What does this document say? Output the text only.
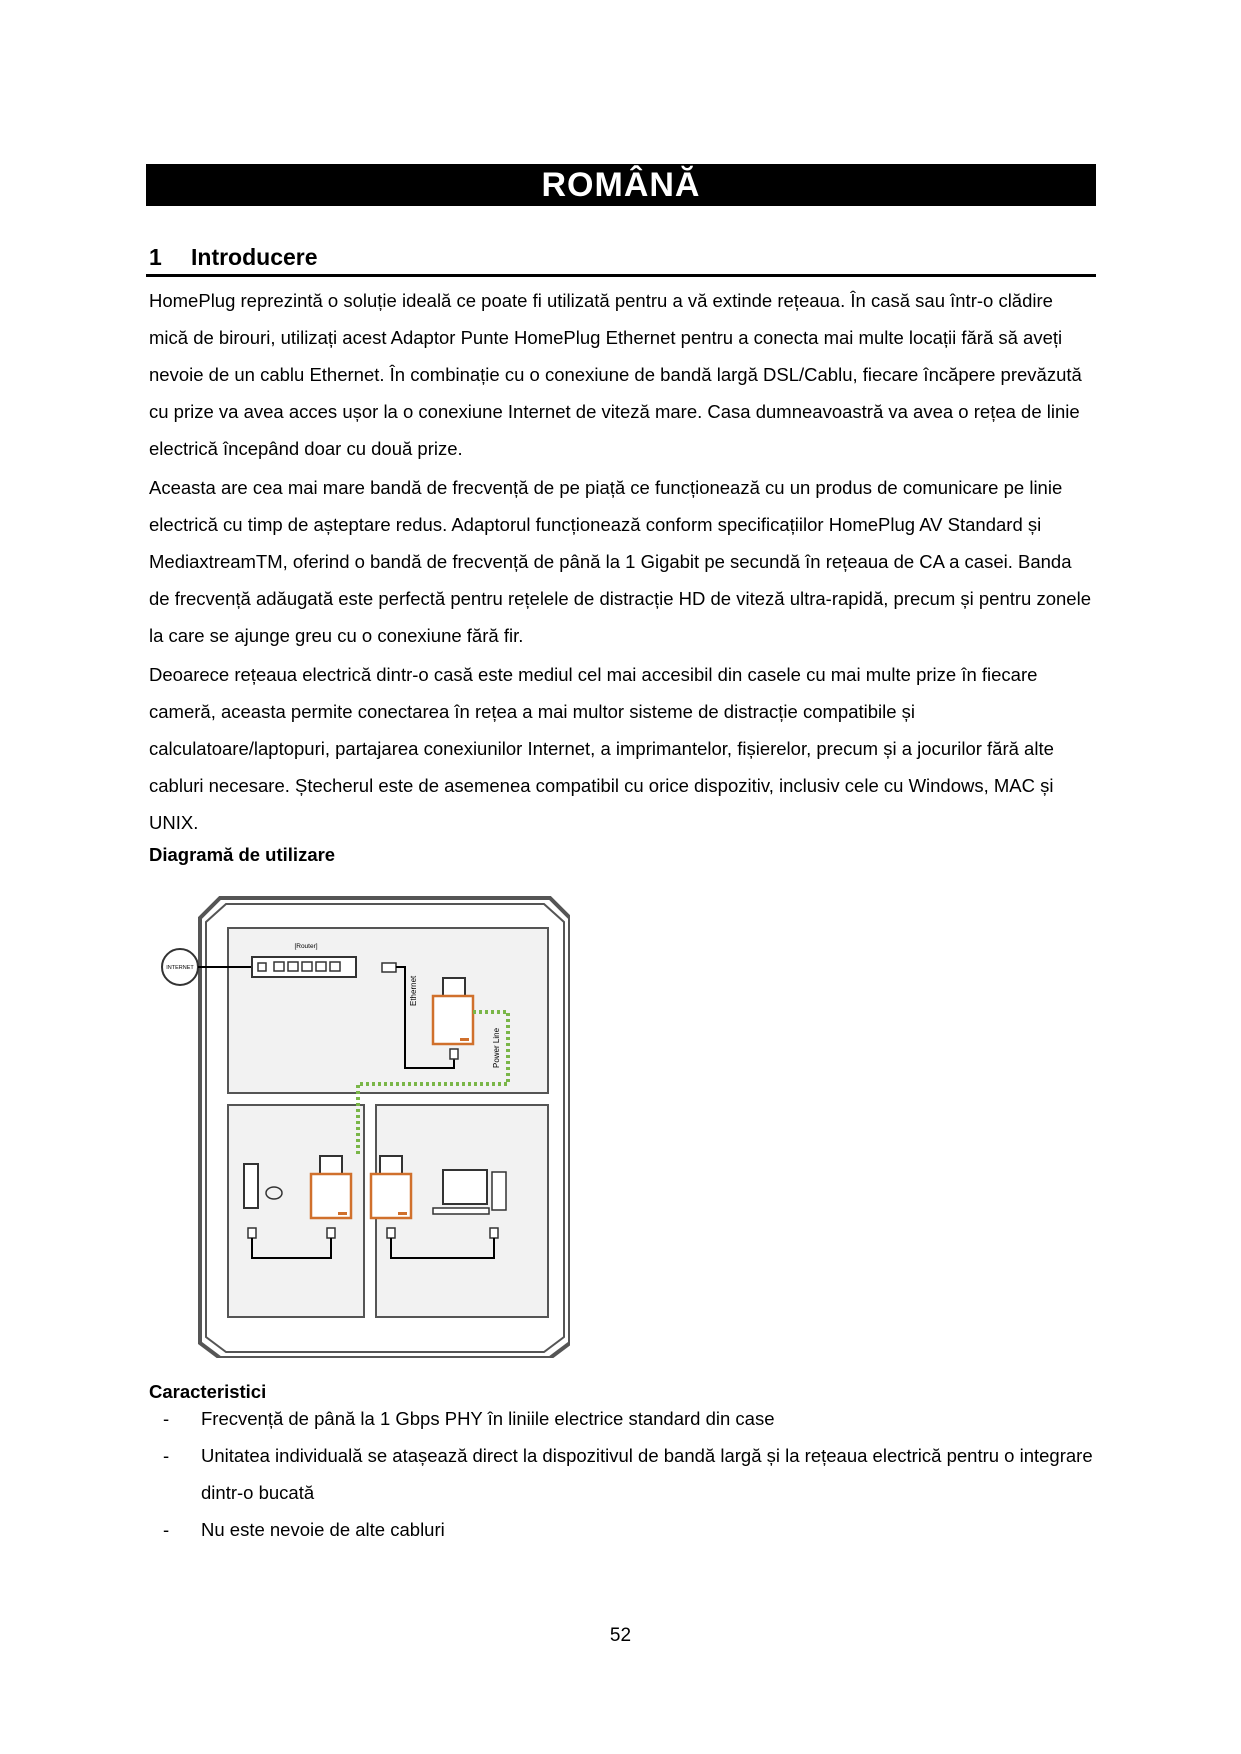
ROMÂNĂ
1 Introducere

HomePlug reprezintă o soluție ideală ce poate fi utilizată pentru a vă extinde rețeaua. În casă sau într-o clădire mică de birouri, utilizați acest Adaptor Punte HomePlug Ethernet pentru a conecta mai multe locații fără să aveți nevoie de un cablu Ethernet. În combinație cu o conexiune de bandă largă DSL/Cablu, fiecare încăpere prevăzută cu prize va avea acces ușor la o conexiune Internet de viteză mare. Casa dumneavoastră va avea o rețea de linie electrică începând doar cu două prize.

Aceasta are cea mai mare bandă de frecvență de pe piață ce funcționează cu un produs de comunicare pe linie electrică cu timp de așteptare redus. Adaptorul funcționează conform specificațiilor HomePlug AV Standard și MediaxtreamTM, oferind o bandă de frecvență de până la 1 Gigabit pe secundă în rețeaua de CA a casei. Banda de frecvență adăugată este perfectă pentru rețelele de distracție HD de viteză ultra-rapidă, precum și pentru zonele la care se ajunge greu cu o conexiune fără fir.

Deoarece rețeaua electrică dintr-o casă este mediul cel mai accesibil din casele cu mai multe prize în fiecare cameră, aceasta permite conectarea în rețea a mai multor sisteme de distracție compatibile și calculatoare/laptopuri, partajarea conexiunilor Internet, a imprimantelor, fișierelor, precum și a jocurilor fără alte cabluri necesare. Ștecherul este de asemenea compatibil cu orice dispozitiv, inclusiv cele cu Windows, MAC și UNIX.

Diagramă de utilizare
INTERNET
[Router]
Ethernet
Power Line
Caracteristici
-	Frecvență de până la 1 Gbps PHY în liniile electrice standard din case
-	Unitatea individuală se atașează direct la dispozitivul de bandă largă și la rețeaua electrică pentru o integrare dintr-o bucată
-	Nu este nevoie de alte cabluri
52
